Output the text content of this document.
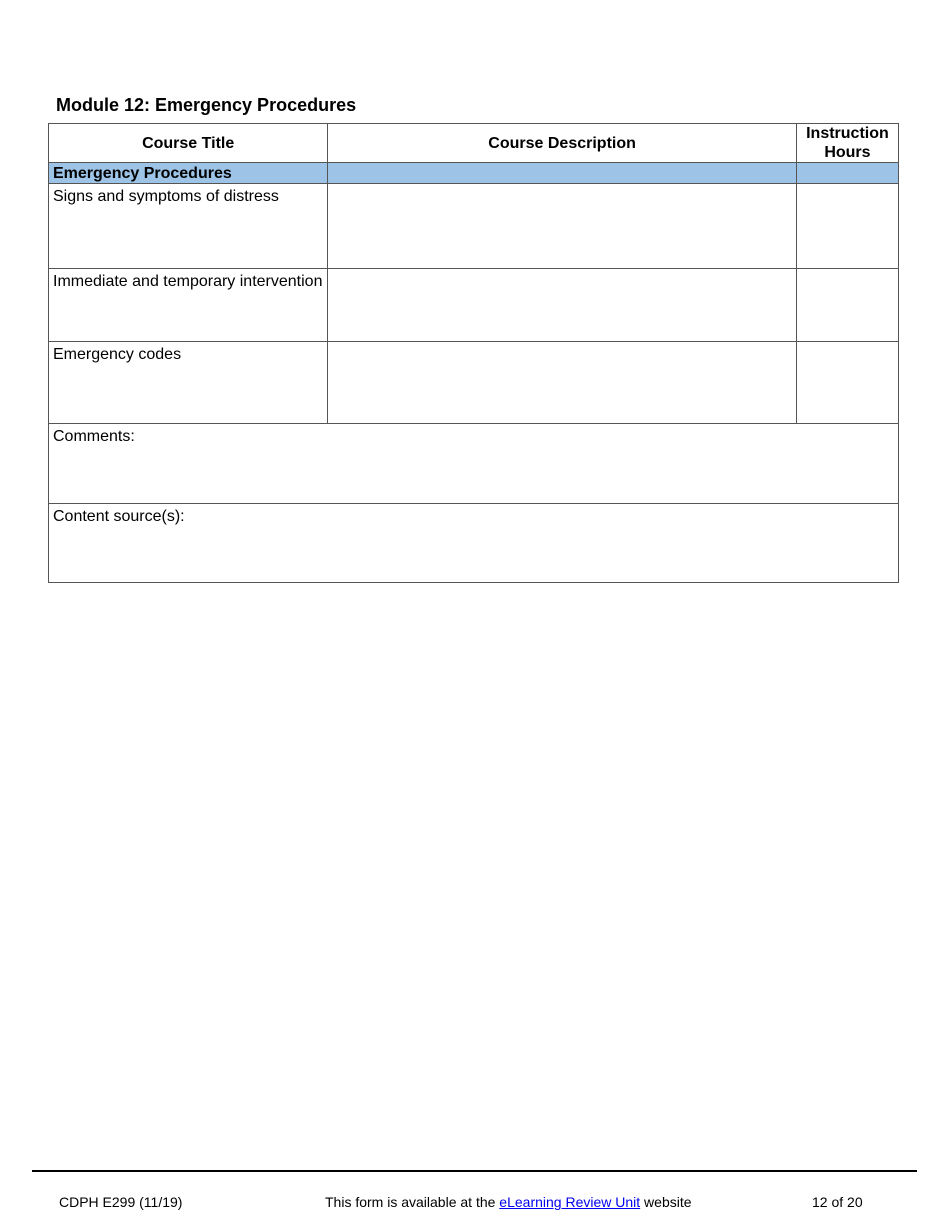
Module 12: Emergency Procedures
Course Title	Course Description	Instruction
Hours
Emergency Procedures		
Signs and symptoms of distress		
Immediate and temporary intervention		
Emergency codes		
Comments:		
Content source(s):		

CDPH E299 (11/19)	This form is available at the eLearning Review Unit website	12 of 20
